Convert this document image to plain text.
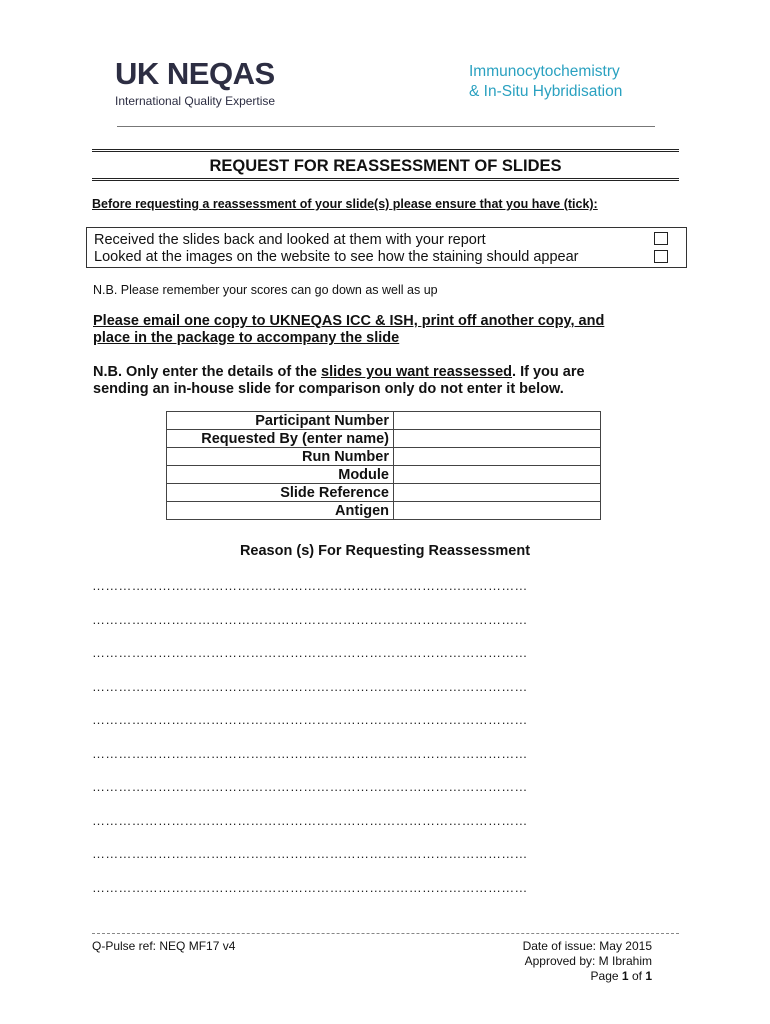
UK NEQAS
International Quality Expertise
Immunocytochemistry
& In-Situ Hybridisation
REQUEST FOR REASSESSMENT OF SLIDES
Before requesting a reassessment of your slide(s) please ensure that you have (tick):
Received the slides back and looked at them with your report
Looked at the images on the website to see how the staining should appear
N.B. Please remember your scores can go down as well as up
Please email one copy to UKNEQAS ICC & ISH, print off another copy, and
place in the package to accompany the slide
N.B. Only enter the details of the slides you want reassessed. If you are
sending an in-house slide for comparison only do not enter it below.
Participant Number	
Requested By (enter name)	
Run Number	
Module	
Slide Reference	
Antigen	
Reason (s) For Requesting Reassessment
………………………………………………………………………………………
………………………………………………………………………………………
………………………………………………………………………………………
………………………………………………………………………………………
………………………………………………………………………………………
………………………………………………………………………………………
………………………………………………………………………………………
………………………………………………………………………………………
………………………………………………………………………………………
………………………………………………………………………………………
Q-Pulse ref: NEQ MF17 v4	Date of issue: May 2015
Approved by: M Ibrahim
Page 1 of 1
